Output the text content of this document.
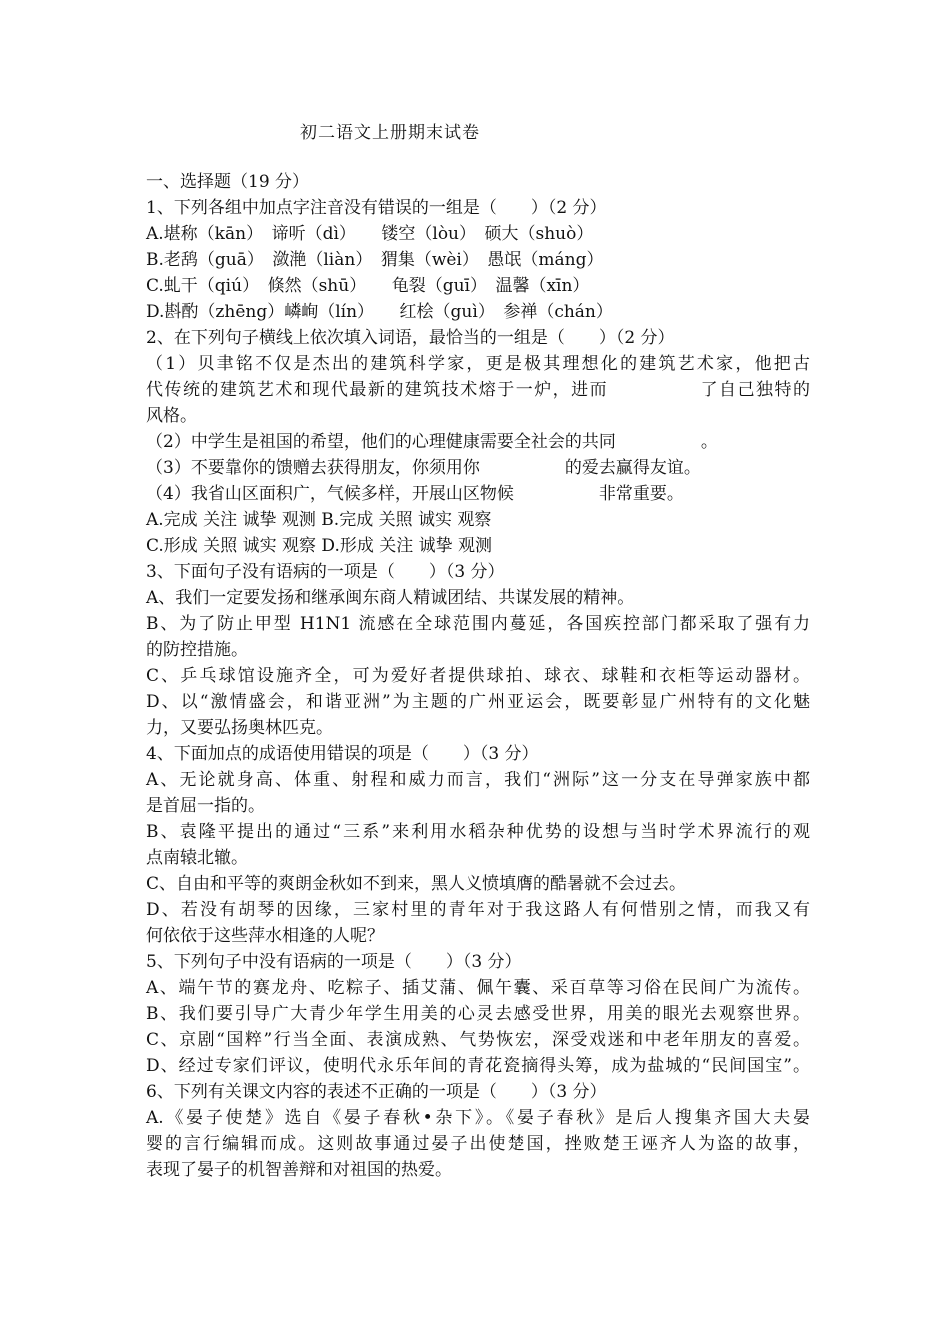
初二语文上册期末试卷
一、选择题（19 分）
1、下列各组中加点字注音没有错误的一组是（　　）（2 分）
A.堪称（kān）　谛听（dì）　　镂空（lòu）　硕大（shuò）
B.老鸹（guā）　潋滟（liàn）　猬集（wèi）　愚氓（máng）
C.虬干（qiú）　倏然（shū）　　龟裂（guī）　温馨（xīn）
D.斟酌（zhēng）嶙峋（lín）　　红桧（guì）　参禅（chán）
2、在下列句子横线上依次填入词语，最恰当的一组是（　　）（2 分）
（1）贝聿铭不仅是杰出的建筑科学家，更是极其理想化的建筑艺术家，他把古
代传统的建筑艺术和现代最新的建筑技术熔于一炉，进而　　　　　了自己独特的
风格。
（2）中学生是祖国的希望，他们的心理健康需要全社会的共同　　　　　。
（3）不要靠你的馈赠去获得朋友，你须用你　　　　　的爱去赢得友谊。
（4）我省山区面积广，气候多样，开展山区物候　　　　　非常重要。
A.完成 关注 诚挚 观测 B.完成 关照 诚实 观察
C.形成 关照 诚实 观察 D.形成 关注 诚挚 观测
3、下面句子没有语病的一项是（　　）（3 分）
A、我们一定要发扬和继承闽东商人精诚团结、共谋发展的精神。
B、为了防止甲型 H1N1 流感在全球范围内蔓延，各国疾控部门都采取了强有力
的防控措施。
C、乒乓球馆设施齐全，可为爱好者提供球拍、球衣、球鞋和衣柜等运动器材。
D、以“激情盛会，和谐亚洲”为主题的广州亚运会，既要彰显广州特有的文化魅
力，又要弘扬奥林匹克。
4、下面加点的成语使用错误的项是（　　）（3 分）
A、无论就身高、体重、射程和威力而言，我们“洲际”这一分支在导弹家族中都
是首屈一指的。
B、袁隆平提出的通过“三系”来利用水稻杂种优势的设想与当时学术界流行的观
点南辕北辙。
C、自由和平等的爽朗金秋如不到来，黑人义愤填膺的酷暑就不会过去。
D、若没有胡琴的因缘，三家村里的青年对于我这路人有何惜别之情，而我又有
何依依于这些萍水相逢的人呢？
5、下列句子中没有语病的一项是（　　）（3 分）
A、端午节的赛龙舟、吃粽子、插艾蒲、佩午囊、采百草等习俗在民间广为流传。
B、我们要引导广大青少年学生用美的心灵去感受世界，用美的眼光去观察世界。
C、京剧“国粹”行当全面、表演成熟、气势恢宏，深受戏迷和中老年朋友的喜爱。
D、经过专家们评议，使明代永乐年间的青花瓷摘得头筹，成为盐城的“民间国宝”。
6、下列有关课文内容的表述不正确的一项是（　　）（3 分）
A.《晏子使楚》选自《晏子春秋•杂下》。《晏子春秋》是后人搜集齐国大夫晏
婴的言行编辑而成。这则故事通过晏子出使楚国，挫败楚王诬齐人为盗的故事，
表现了晏子的机智善辩和对祖国的热爱。
